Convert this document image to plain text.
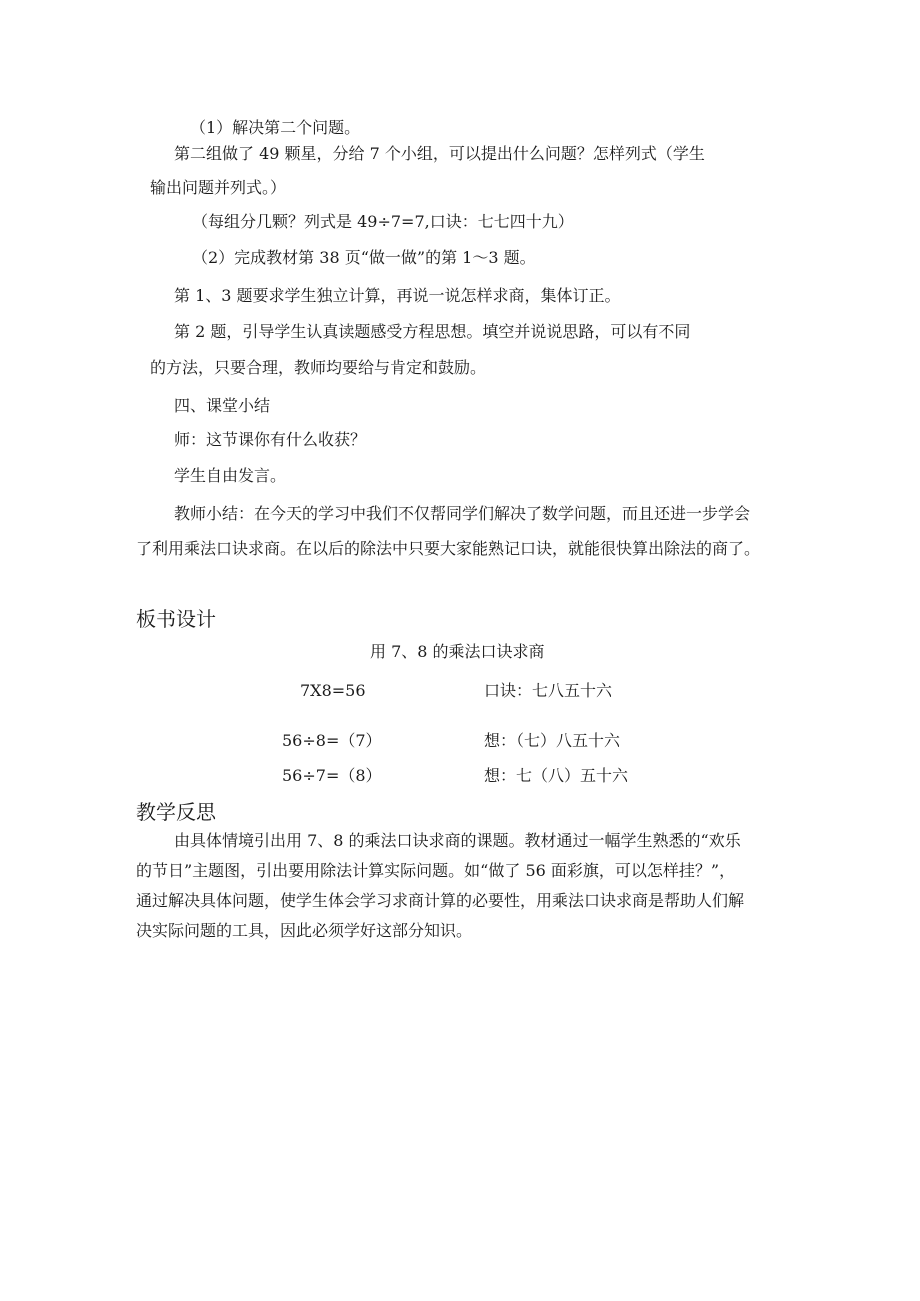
（1）解决第二个问题。
第二组做了 49 颗星，分给 7 个小组，可以提出什么问题？怎样列式（学生
输出问题并列式。）
（每组分几颗？列式是 49÷7=7,口诀：七七四十九）
（2）完成教材第 38 页“做一做”的第 1～3 题。
第 1、3 题要求学生独立计算，再说一说怎样求商，集体订正。
第 2 题，引导学生认真读题感受方程思想。填空并说说思路，可以有不同
的方法，只要合理，教师均要给与肯定和鼓励。
四、课堂小结
师：这节课你有什么收获？
学生自由发言。
教师小结：在今天的学习中我们不仅帮同学们解决了数学问题，而且还进一步学会
了利用乘法口诀求商。在以后的除法中只要大家能熟记口诀，就能很快算出除法的商了。
板书设计
用 7、8 的乘法口诀求商
7X8=56	口诀：七八五十六
56÷8=（7）	想：（七）八五十六
56÷7=（8）	想：七（八）五十六
教学反思
由具体情境引出用 7、8 的乘法口诀求商的课题。教材通过一幅学生熟悉的“欢乐
的节日”主题图，引出要用除法计算实际问题。如“做了 56 面彩旗，可以怎样挂？”，
通过解决具体问题，使学生体会学习求商计算的必要性，用乘法口诀求商是帮助人们解
决实际问题的工具，因此必须学好这部分知识。
